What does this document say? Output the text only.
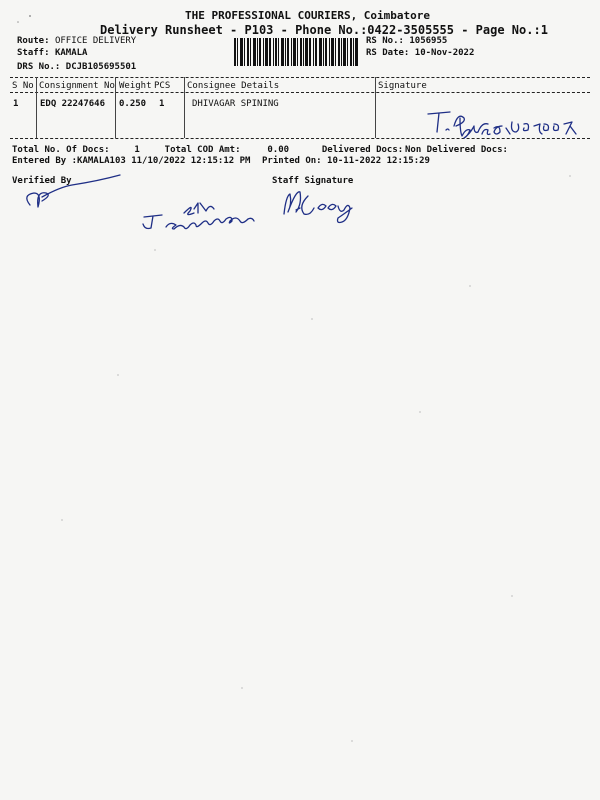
THE PROFESSIONAL COURIERS, Coimbatore
Delivery Runsheet - P103 - Phone No.:0422-3505555 - Page No.:1
Route: OFFICE DELIVERY
Staff: KAMALA
DRS No.: DCJB105695501
RS No.: 1056955
RS Date: 10-Nov-2022
S No Consignment No Weight PCS Consignee Details	Signature
1 EDQ 22247646 0.250 1	DHIVAGAR SPINING
Total No. Of Docs:	1	Total COD Amt:	0.00	Delivered Docs: Non Delivered Docs:
Entered By :KAMALA103 11/10/2022 12:15:12 PM Printed On: 10-11-2022 12:15:29
Verified By	Staff Signature
